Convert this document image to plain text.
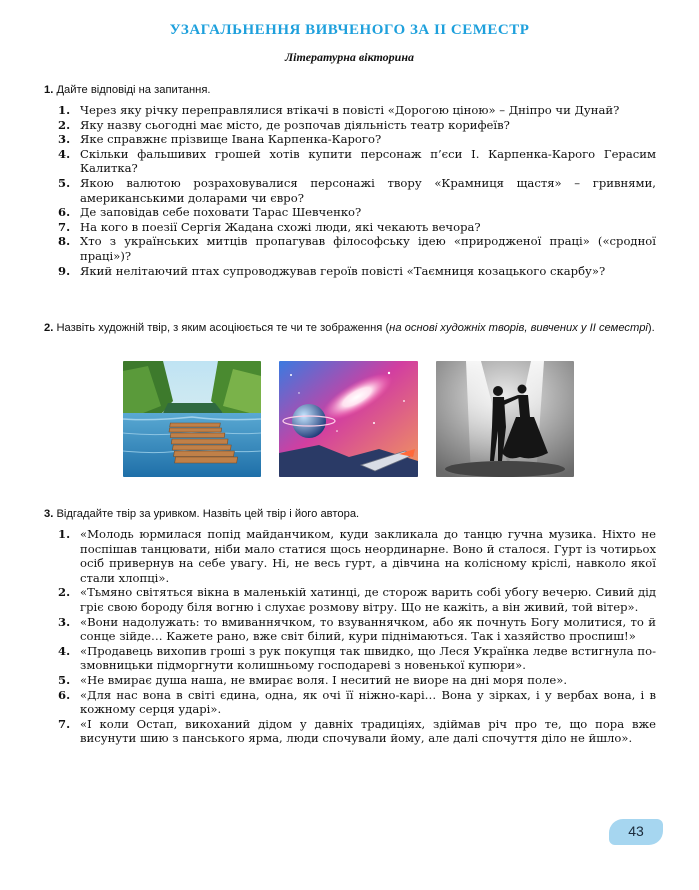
УЗАГАЛЬНЕННЯ ВИВЧЕНОГО ЗА ІІ СЕМЕСТР
Літературна вікторина
1. Дайте відповіді на запитання.
1. Через яку річку переправлялися втікачі в повісті «Дорогою ціною» – Дніпро чи Дунай?
2. Яку назву сьогодні має місто, де розпочав діяльність театр корифеїв?
3. Яке справжнє прізвище Івана Карпенка-Карого?
4. Скільки фальшивих грошей хотів купити персонаж п’єси І. Карпенка-Карого Герасим Калитка?
5. Якою валютою розраховувалися персонажі твору «Крамниця щастя» – гривнями, американськими доларами чи євро?
6. Де заповідав себе поховати Тарас Шевченко?
7. На кого в поезії Сергія Жадана схожі люди, які чекають вечора?
8. Хто з українських митців пропагував філософську ідею «природженої праці» («сродної праці»)?
9. Який нелітаючий птах супроводжував героїв повісті «Таємниця козацького скарбу»?
2. Назвіть художній твір, з яким асоціюється те чи те зображення (на основі художніх творів, вивчених у ІІ семестрі).
3. Відгадайте твір за уривком. Назвіть цей твір і його автора.
1. «Молодь юрмилася попід майданчиком, куди закликала до танцю гучна музика. Ніхто не поспішав танцювати, ніби мало статися щось неординарне. Воно й сталося. Гурт із чотирьох осіб привернув на себе увагу. Ні, не весь гурт, а дівчина на колісному кріслі, навколо якої стали хлопці».
2. «Тьмяно світяться вікна в маленькій хатинці, де сторож варить собі убогу вечерю. Сивий дід гріє свою бороду біля вогню і слухає розмову вітру. Що не кажіть, а він живий, той вітер».
3. «Вони надолужать: то вмиваннячком, то взуваннячком, або як почнуть Богу молитися, то й сонце зійде… Кажете рано, вже світ білий, кури піднімаються. Так і хазяйство проспиш!»
4. «Продавець вихопив гроші з рук покупця так швидко, що Леся Українка ледве встигнула по-змовницьки підморгнути колишньому господареві з новенької купюри».
5. «Не вмирає душа наша, не вмирає воля. І неситий не виоре на дні моря поле».
6. «Для нас вона в світі єдина, одна, як очі її ніжно-карі… Вона у зірках, і у вербах вона, і в кожному серця ударі».
7. «І коли Остап, викоханий дідом у давніх традиціях, здіймав річ про те, що пора вже висунути шию з панського ярма, люди спочували йому, але далі спочуття діло не йшло».
43
